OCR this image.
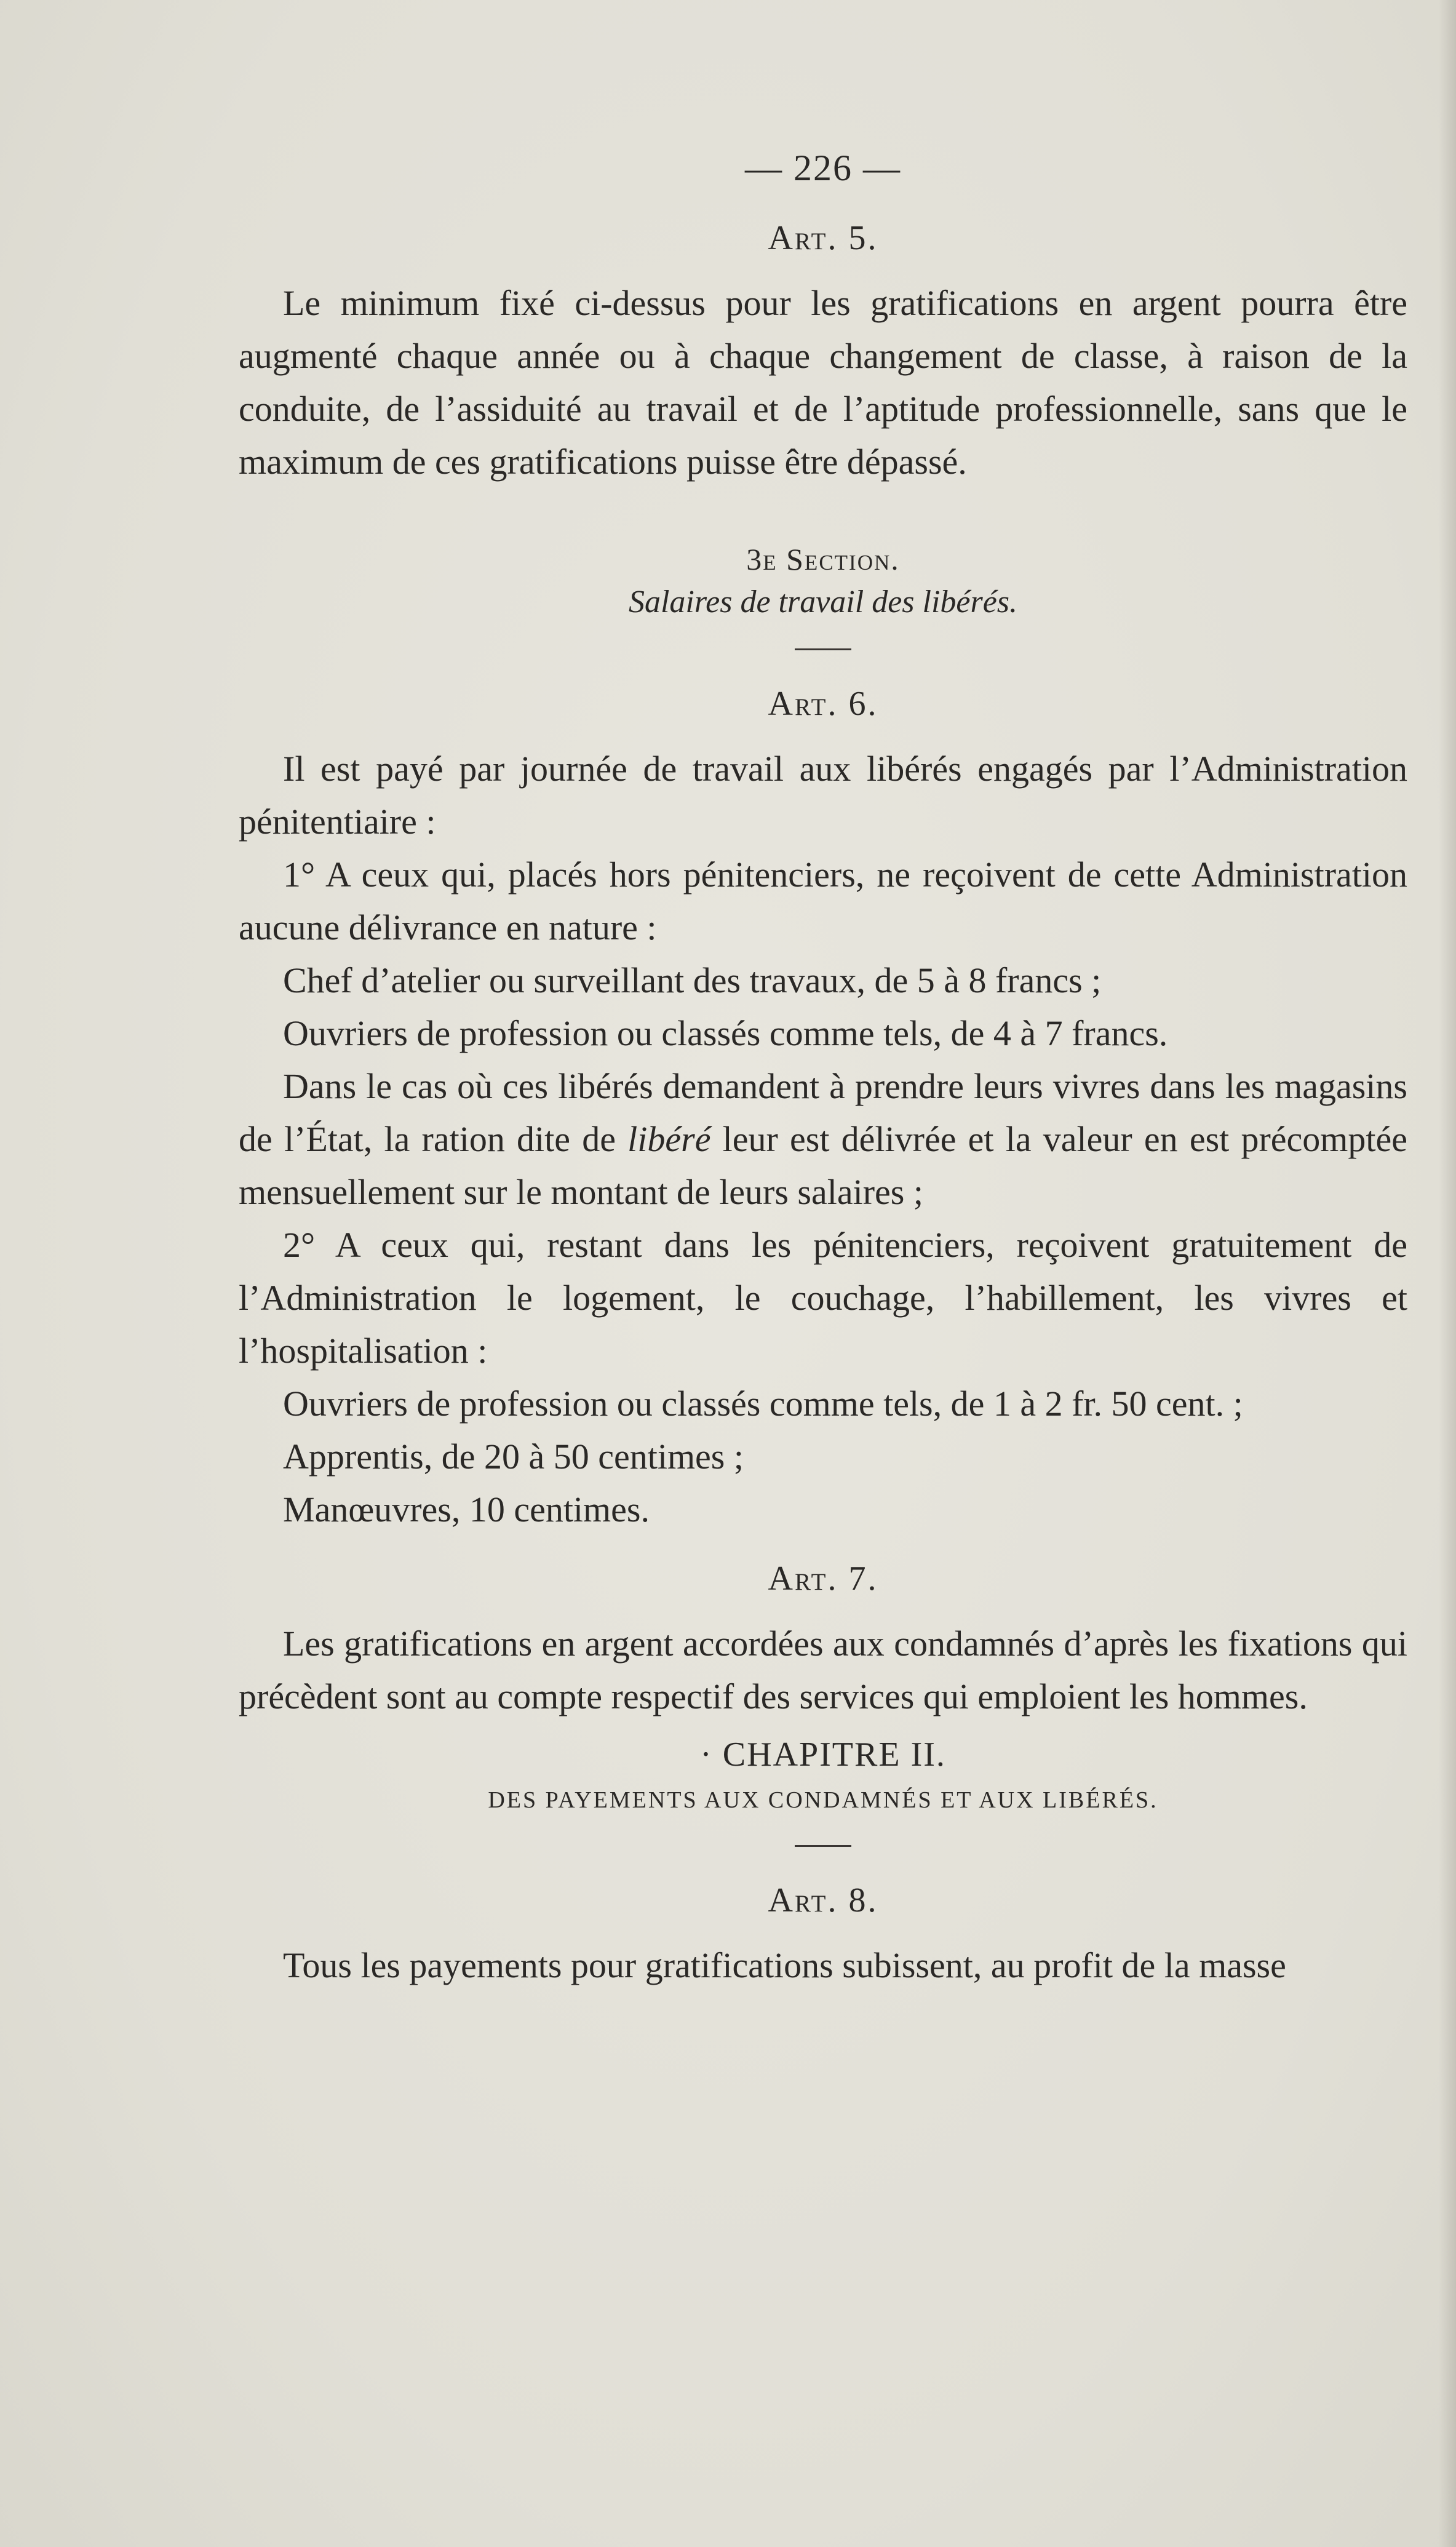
— 226 —
Art. 5.

Le minimum fixé ci-dessus pour les gratifications en argent pourra être augmenté chaque année ou à chaque changement de classe, à raison de la conduite, de l’assiduité au travail et de l’aptitude professionnelle, sans que le maximum de ces gratifications puisse être dépassé.

3e Section.
Salaires de travail des libérés.
Art. 6.

Il est payé par journée de travail aux libérés engagés par l’Administration pénitentiaire :

1° A ceux qui, placés hors pénitenciers, ne reçoivent de cette Administration aucune délivrance en nature :

Chef d’atelier ou surveillant des travaux, de 5 à 8 francs ;

Ouvriers de profession ou classés comme tels, de 4 à 7 francs.

Dans le cas où ces libérés demandent à prendre leurs vivres dans les magasins de l’État, la ration dite de libéré leur est délivrée et la valeur en est précomptée mensuellement sur le montant de leurs salaires ;

2° A ceux qui, restant dans les pénitenciers, reçoivent gratuitement de l’Administration le logement, le couchage, l’habillement, les vivres et l’hospitalisation :

Ouvriers de profession ou classés comme tels, de 1 à 2 fr. 50 cent. ;

Apprentis, de 20 à 50 centimes ;

Manœuvres, 10 centimes.

Art. 7.

Les gratifications en argent accordées aux condamnés d’après les fixations qui précèdent sont au compte respectif des services qui emploient les hommes.

· CHAPITRE II.
DES PAYEMENTS AUX CONDAMNÉS ET AUX LIBÉRÉS.
Art. 8.

Tous les payements pour gratifications subissent, au profit de la masse
